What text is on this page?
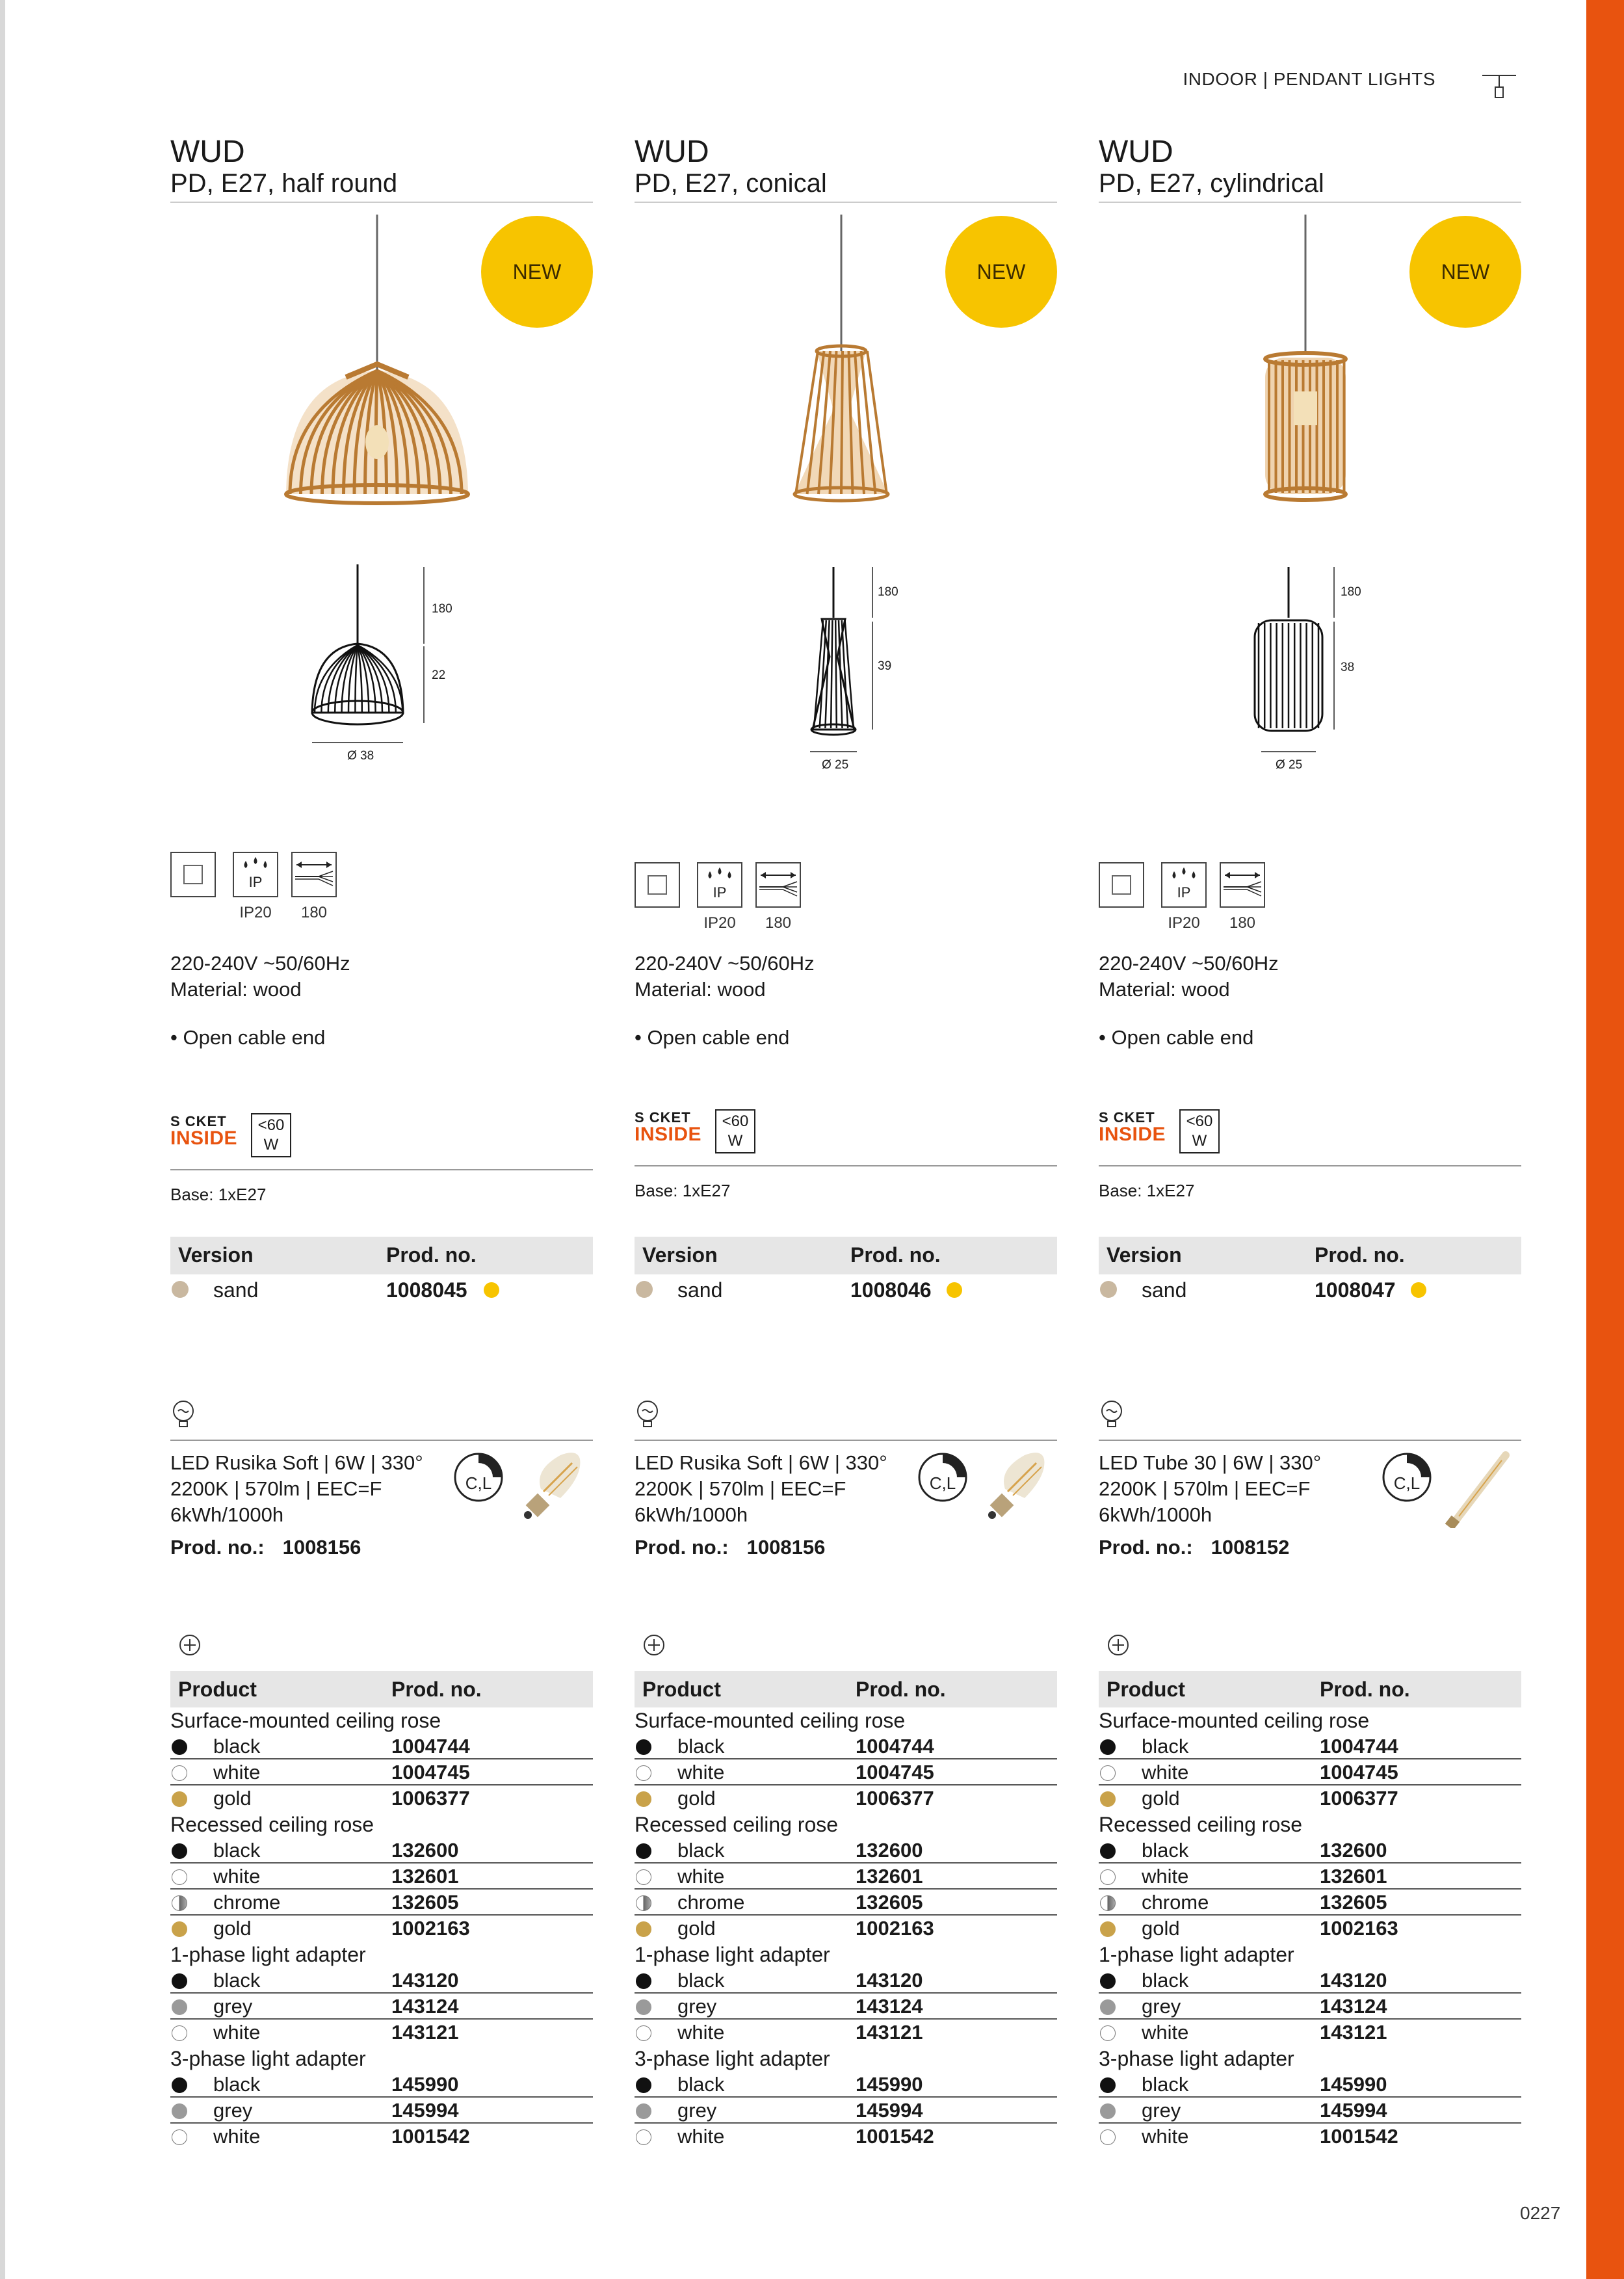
INDOOR | PENDANT LIGHTS
WUD
PD, E27, half round
NEW
180
22
Ø 38
IP
IP20	180
220-240V ~50/60Hz
Material: wood
• Open cable end
S CKET
INSIDE
<60
W
Base: 1xE27
Version	Prod. no.
sand	1008045
LED Rusika Soft | 6W | 330°
2200K | 570lm | EEC=F
6kWh/1000h
Prod. no.: 1008156
C,L
Product	Prod. no.
Surface-mounted ceiling rose
black	1004744
white	1004745
gold	1006377
Recessed ceiling rose
black	132600
white	132601
chrome	132605
gold	1002163
1-phase light adapter
black	143120
grey	143124
white	143121
3-phase light adapter
black	145990
grey	145994
white	1001542
WUD
PD, E27, conical
NEW
180
39
Ø 25
IP
IP20	180
220-240V ~50/60Hz
Material: wood
• Open cable end
S CKET
INSIDE
<60
W
Base: 1xE27
Version	Prod. no.
sand	1008046
LED Rusika Soft | 6W | 330°
2200K | 570lm | EEC=F
6kWh/1000h
Prod. no.: 1008156
C,L
Product	Prod. no.
Surface-mounted ceiling rose
black	1004744
white	1004745
gold	1006377
Recessed ceiling rose
black	132600
white	132601
chrome	132605
gold	1002163
1-phase light adapter
black	143120
grey	143124
white	143121
3-phase light adapter
black	145990
grey	145994
white	1001542
WUD
PD, E27, cylindrical
NEW
180
38
Ø 25
IP
IP20	180
220-240V ~50/60Hz
Material: wood
• Open cable end
S CKET
INSIDE
<60
W
Base: 1xE27
Version	Prod. no.
sand	1008047
LED Tube 30 | 6W | 330°
2200K | 570lm | EEC=F
6kWh/1000h
Prod. no.: 1008152
C,L
Product	Prod. no.
Surface-mounted ceiling rose
black	1004744
white	1004745
gold	1006377
Recessed ceiling rose
black	132600
white	132601
chrome	132605
gold	1002163
1-phase light adapter
black	143120
grey	143124
white	143121
3-phase light adapter
black	145990
grey	145994
white	1001542
0227
